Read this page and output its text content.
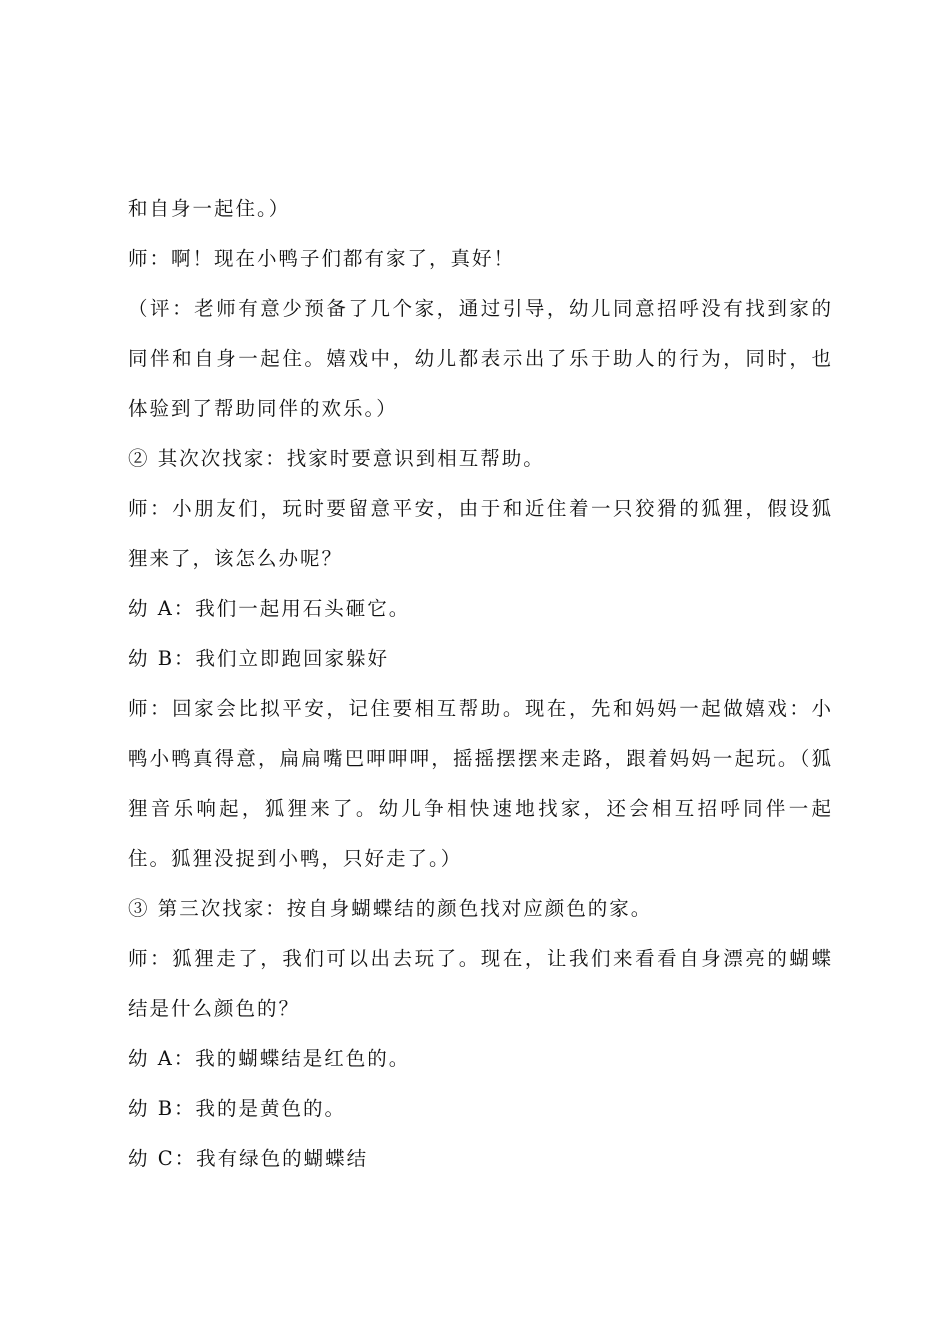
和自身一起住。）

师：啊！现在小鸭子们都有家了，真好！

（评：老师有意少预备了几个家，通过引导，幼儿同意招呼没有找到家的同伴和自身一起住。嬉戏中，幼儿都表示出了乐于助人的行为，同时，也体验到了帮助同伴的欢乐。）

② 其次次找家：找家时要意识到相互帮助。

师：小朋友们，玩时要留意平安，由于和近住着一只狡猾的狐狸，假设狐狸来了，该怎么办呢？

幼 A：我们一起用石头砸它。

幼 B：我们立即跑回家躲好

师：回家会比拟平安，记住要相互帮助。现在，先和妈妈一起做嬉戏：小鸭小鸭真得意，扁扁嘴巴呷呷呷，摇摇摆摆来走路，跟着妈妈一起玩。（狐狸音乐响起，狐狸来了。幼儿争相快速地找家，还会相互招呼同伴一起住。狐狸没捉到小鸭，只好走了。）

③ 第三次找家：按自身蝴蝶结的颜色找对应颜色的家。

师：狐狸走了，我们可以出去玩了。现在，让我们来看看自身漂亮的蝴蝶结是什么颜色的？

幼 A：我的蝴蝶结是红色的。

幼 B：我的是黄色的。

幼 C：我有绿色的蝴蝶结
